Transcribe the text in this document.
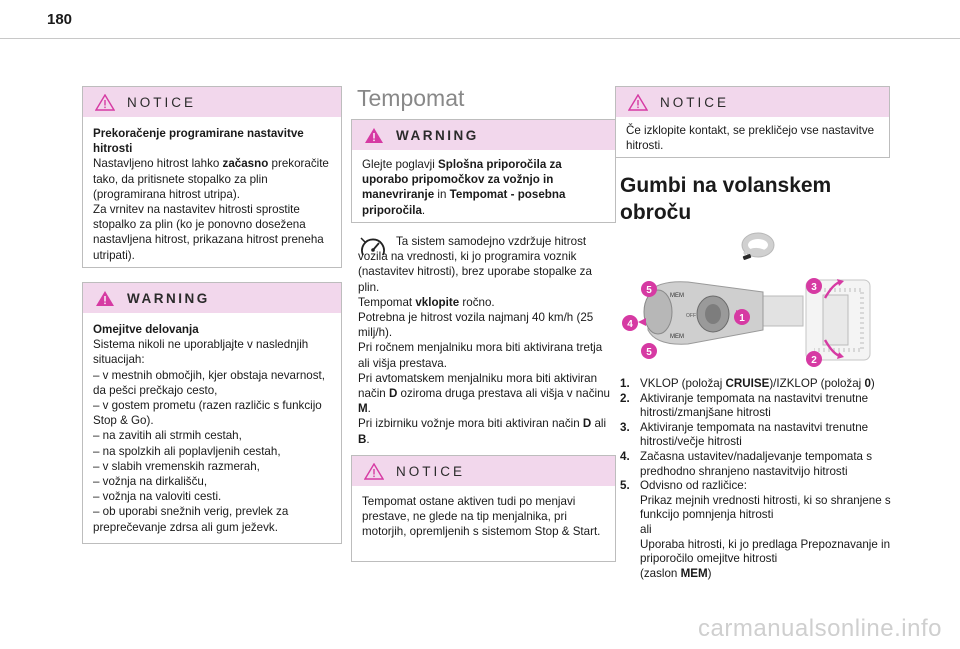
180
NOTICE

Prekoračenje programirane nastavitve hitrosti

Nastavljeno hitrost lahko začasno prekoračite tako, da pritisnete stopalko za plin (programirana hitrost utripa).

Za vrnitev na nastavitev hitrosti sprostite stopalko za plin (ko je ponovno dosežena nastavljena hitrost, prikazana hitrost preneha utripati).

WARNING

Omejitve delovanja

Sistema nikoli ne uporabljajte v naslednjih situacijah:

– v mestnih območjih, kjer obstaja nevarnost, da pešci prečkajo cesto,

– v gostem prometu (razen različic s funkcijo Stop & Go).

– na zavitih ali strmih cestah,

– na spolzkih ali poplavljenih cestah,

– v slabih vremenskih razmerah,

– vožnja na dirkališču,

– vožnja na valoviti cesti.

– ob uporabi snežnih verig, prevlek za preprečevanje zdrsa ali gum ježevk.

Tempomat
WARNING

Glejte poglavji Splošna priporočila za uporabo pripomočkov za vožnjo in manevriranje in Tempomat - posebna priporočila.

Ta sistem samodejno vzdržuje hitrost vozila na vrednosti, ki jo programira voznik (nastavitev hitrosti), brez uporabe stopalke za plin.

Tempomat vklopite ročno.

Potrebna je hitrost vozila najmanj 40 km/h (25 milj/h).

Pri ročnem menjalniku mora biti aktivirana tretja ali višja prestava.

Pri avtomatskem menjalniku mora biti aktiviran način D oziroma druga prestava ali višja v načinu M.

Pri izbirniku vožnje mora biti aktiviran način D ali B.

NOTICE

Tempomat ostane aktiven tudi po menjavi prestave, ne glede na tip menjalnika, pri motorjih, opremljenih s sistemom Stop & Start.

NOTICE

Če izklopite kontakt, se prekličejo vse nastavitve hitrosti.

Gumbi na volanskem obroču
MEM
MEM
OFF	1
2
3
4
5
5
1. VKLOP (položaj CRUISE)/IZKLOP (položaj 0)
2. Aktiviranje tempomata na nastavitvi trenutne hitrosti/zmanjšane hitrosti
3. Aktiviranje tempomata na nastavitvi trenutne hitrosti/večje hitrosti
4. Začasna ustavitev/nadaljevanje tempomata s predhodno shranjeno nastavitvijo hitrosti
5. Odvisno od različice:
Prikaz mejnih vrednosti hitrosti, ki so shranjene s funkcijo pomnjenja hitrosti
ali
Uporaba hitrosti, ki jo predlaga Prepoznavanje in priporočilo omejitve hitrosti
(zaslon MEM)
carmanualsonline.info
